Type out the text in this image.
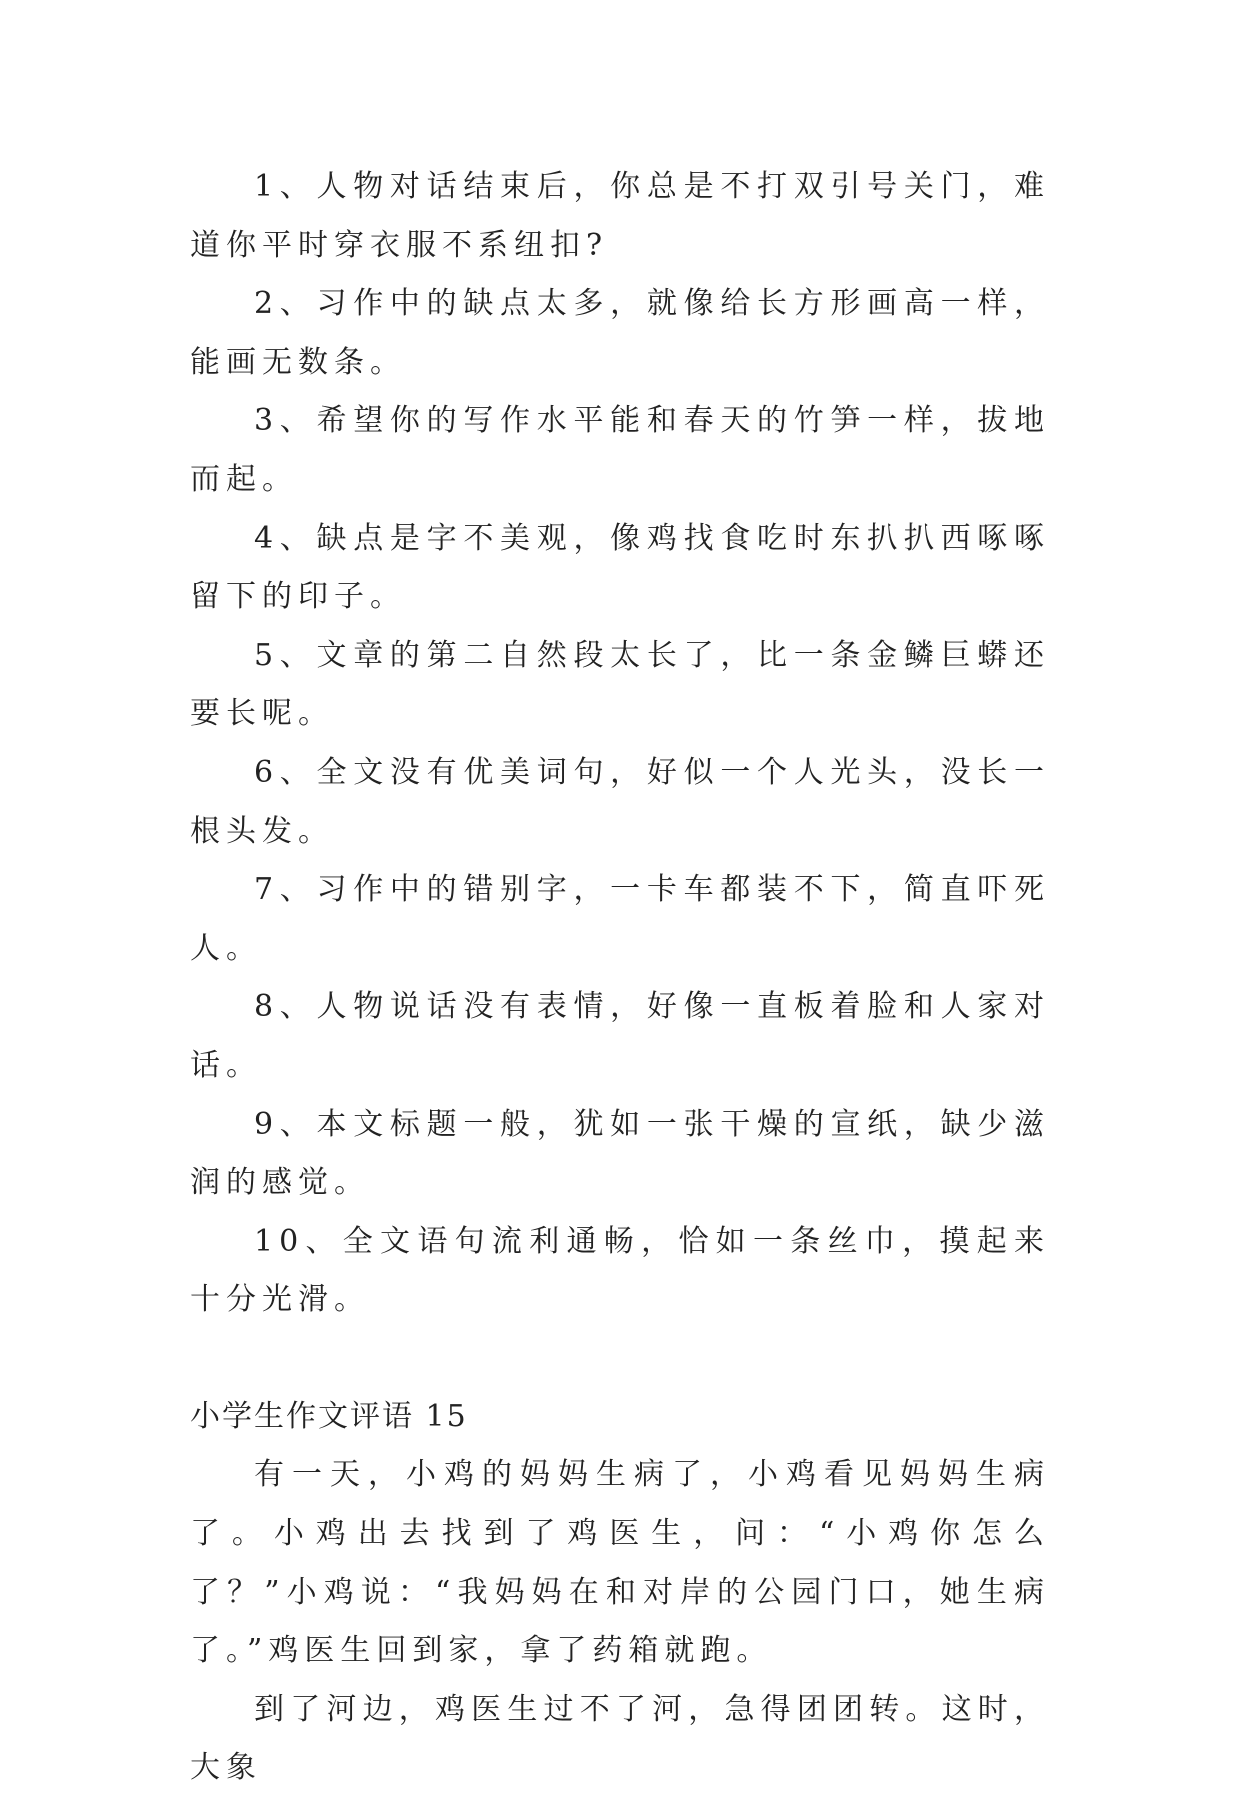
1、人物对话结束后，你总是不打双引号关门，难道你平时穿衣服不系纽扣?

2、习作中的缺点太多，就像给长方形画高一样，能画无数条。

3、希望你的写作水平能和春天的竹笋一样，拔地而起。

4、缺点是字不美观，像鸡找食吃时东扒扒西啄啄留下的印子。

5、文章的第二自然段太长了，比一条金鳞巨蟒还要长呢。

6、全文没有优美词句，好似一个人光头，没长一根头发。

7、习作中的错别字，一卡车都装不下，简直吓死人。

8、人物说话没有表情，好像一直板着脸和人家对话。

9、本文标题一般，犹如一张干燥的宣纸，缺少滋润的感觉。

10、全文语句流利通畅，恰如一条丝巾，摸起来十分光滑。

小学生作文评语 15

有一天，小鸡的妈妈生病了，小鸡看见妈妈生病了。小鸡出去找到了鸡医生，问：“小鸡你怎么了？”小鸡说：“我妈妈在和对岸的公园门口，她生病了。”鸡医生回到家，拿了药箱就跑。

到了河边，鸡医生过不了河，急得团团转。这时，大象
